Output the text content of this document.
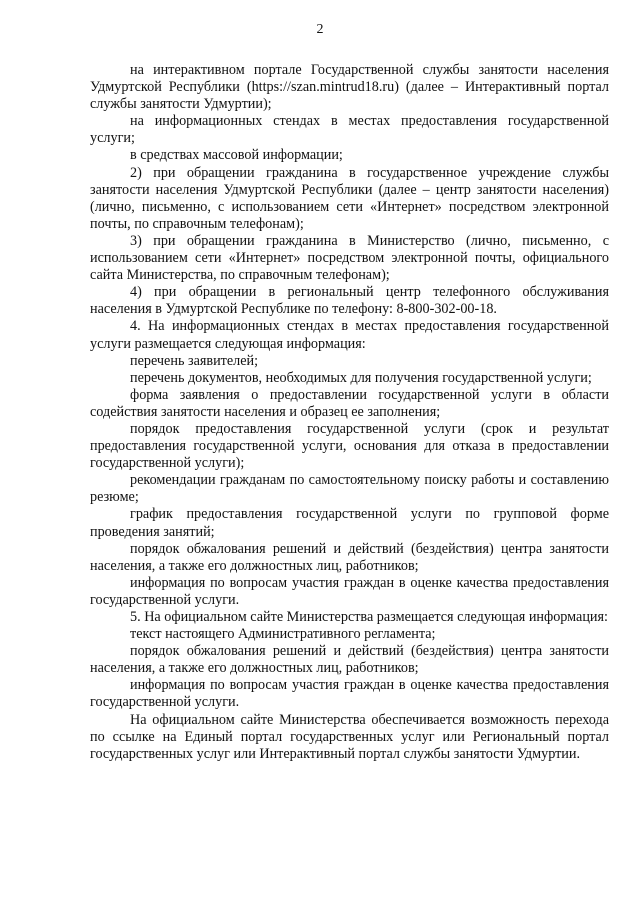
2

на интерактивном портале Государственной службы занятости населения Удмуртской Республики (https://szan.mintrud18.ru) (далее – Интерактивный портал службы занятости Удмуртии);

на информационных стендах в местах предоставления государственной услуги;

в средствах массовой информации;

2) при обращении гражданина в государственное учреждение службы занятости населения Удмуртской Республики (далее – центр занятости населения) (лично, письменно, с использованием сети «Интернет» посредством электронной почты, по справочным телефонам);

3) при обращении гражданина в Министерство (лично, письменно, с использованием сети «Интернет» посредством электронной почты, официального сайта Министерства, по справочным телефонам);

4) при обращении в региональный центр телефонного обслуживания населения в Удмуртской Республике по телефону: 8-800-302-00-18.

4. На информационных стендах в местах предоставления государственной услуги размещается следующая информация:

перечень заявителей;

перечень документов, необходимых для получения государственной услуги;

форма заявления о предоставлении государственной услуги в области содействия занятости населения и образец ее заполнения;

порядок предоставления государственной услуги (срок и результат предоставления государственной услуги, основания для отказа в предоставлении государственной услуги);

рекомендации гражданам по самостоятельному поиску работы и составлению резюме;

график предоставления государственной услуги по групповой форме проведения занятий;

порядок обжалования решений и действий (бездействия) центра занятости населения, а также его должностных лиц, работников;

информация по вопросам участия граждан в оценке качества предоставления государственной услуги.

5. На официальном сайте Министерства размещается следующая информация:

текст настоящего Административного регламента;

порядок обжалования решений и действий (бездействия) центра занятости населения, а также его должностных лиц, работников;

информация по вопросам участия граждан в оценке качества предоставления государственной услуги.

На официальном сайте Министерства обеспечивается возможность перехода по ссылке на Единый портал государственных услуг или Региональный портал государственных услуг или Интерактивный портал службы занятости Удмуртии.
